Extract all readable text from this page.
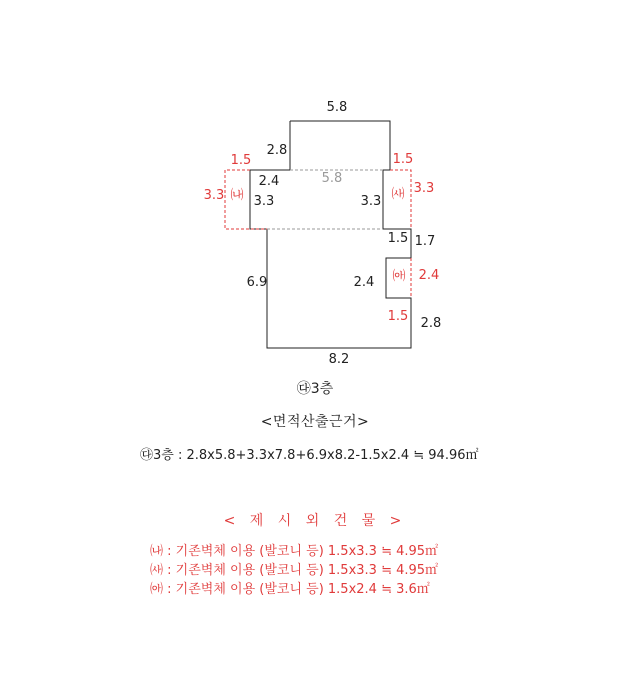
5.8
2.8
1.5	1.5
2.4	5.8
3.3 ㈏ 3.3	3.3 ㈔ 3.3
1.5 1.7
6.9	2.4 ㈕ 2.4
1.5 2.8
8.2
㉰3층
<면적산출근거>
㉰3층 : 2.8x5.8+3.3x7.8+6.9x8.2-1.5x2.4 ≒ 94.96㎡
< 제 시 외 건 물 >
㈏ : 기존벽체 이용 (발코니 등) 1.5x3.3 ≒ 4.95㎡
㈔ : 기존벽체 이용 (발코니 등) 1.5x3.3 ≒ 4.95㎡
㈕ : 기존벽체 이용 (발코니 등) 1.5x2.4 ≒ 3.6㎡
